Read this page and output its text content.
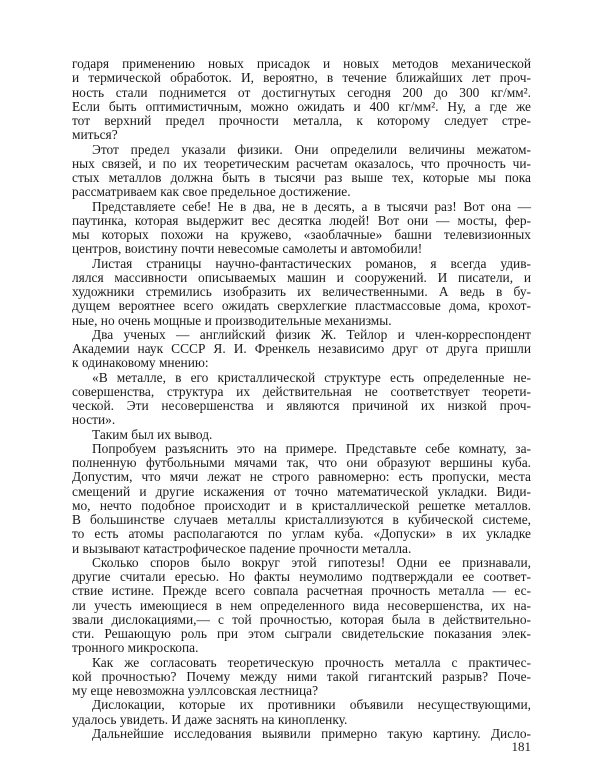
годаря применению новых присадок и новых методов механической
и термической обработок. И, вероятно, в течение ближайших лет проч-
ность стали поднимется от достигнутых сегодня 200 до 300 кг/мм².
Если быть оптимистичным, можно ожидать и 400 кг/мм². Ну, а где же
тот верхний предел прочности металла, к которому следует стре-
миться?
Этот предел указали физики. Они определили величины межатом-
ных связей, и по их теоретическим расчетам оказалось, что прочность чи-
стых металлов должна быть в тысячи раз выше тех, которые мы пока
рассматриваем как свое предельное достижение.
Представляете себе! Не в два, не в десять, а в тысячи раз! Вот она —
паутинка, которая выдержит вес десятка людей! Вот они — мосты, фер-
мы которых похожи на кружево, «заоблачные» башни телевизионных
центров, воистину почти невесомые самолеты и автомобили!
Листая страницы научно-фантастических романов, я всегда удив-
лялся массивности описываемых машин и сооружений. И писатели, и
художники стремились изобразить их величественными. А ведь в бу-
дущем вероятнее всего ожидать сверхлегкие пластмассовые дома, крохот-
ные, но очень мощные и производительные механизмы.
Два ученых — английский физик Ж. Тейлор и член-корреспондент
Академии наук СССР Я. И. Френкель независимо друг от друга пришли
к одинаковому мнению:
«В металле, в его кристаллической структуре есть определенные не-
совершенства, структура их действительная не соответствует теорети-
ческой. Эти несовершенства и являются причиной их низкой проч-
ности».
Таким был их вывод.
Попробуем разъяснить это на примере. Представьте себе комнату, за-
полненную футбольными мячами так, что они образуют вершины куба.
Допустим, что мячи лежат не строго равномерно: есть пропуски, места
смещений и другие искажения от точно математической укладки. Види-
мо, нечто подобное происходит и в кристаллической решетке металлов.
В большинстве случаев металлы кристаллизуются в кубической системе,
то есть атомы располагаются по углам куба. «Допуски» в их укладке
и вызывают катастрофическое падение прочности металла.
Сколько споров было вокруг этой гипотезы! Одни ее признавали,
другие считали ересью. Но факты неумолимо подтверждали ее соответ-
ствие истине. Прежде всего совпала расчетная прочность металла — ес-
ли учесть имеющиеся в нем определенного вида несовершенства, их на-
звали дислокациями,— с той прочностью, которая была в действительно-
сти. Решающую роль при этом сыграли свидетельские показания элек-
тронного микроскопа.
Как же согласовать теоретическую прочность металла с практичес-
кой прочностью? Почему между ними такой гигантский разрыв? Поче-
му еще невозможна уэллсовская лестница?
Дислокации, которые их противники объявили несуществующими,
удалось увидеть. И даже заснять на кинопленку.
Дальнейшие исследования выявили примерно такую картину. Дисло-
181
